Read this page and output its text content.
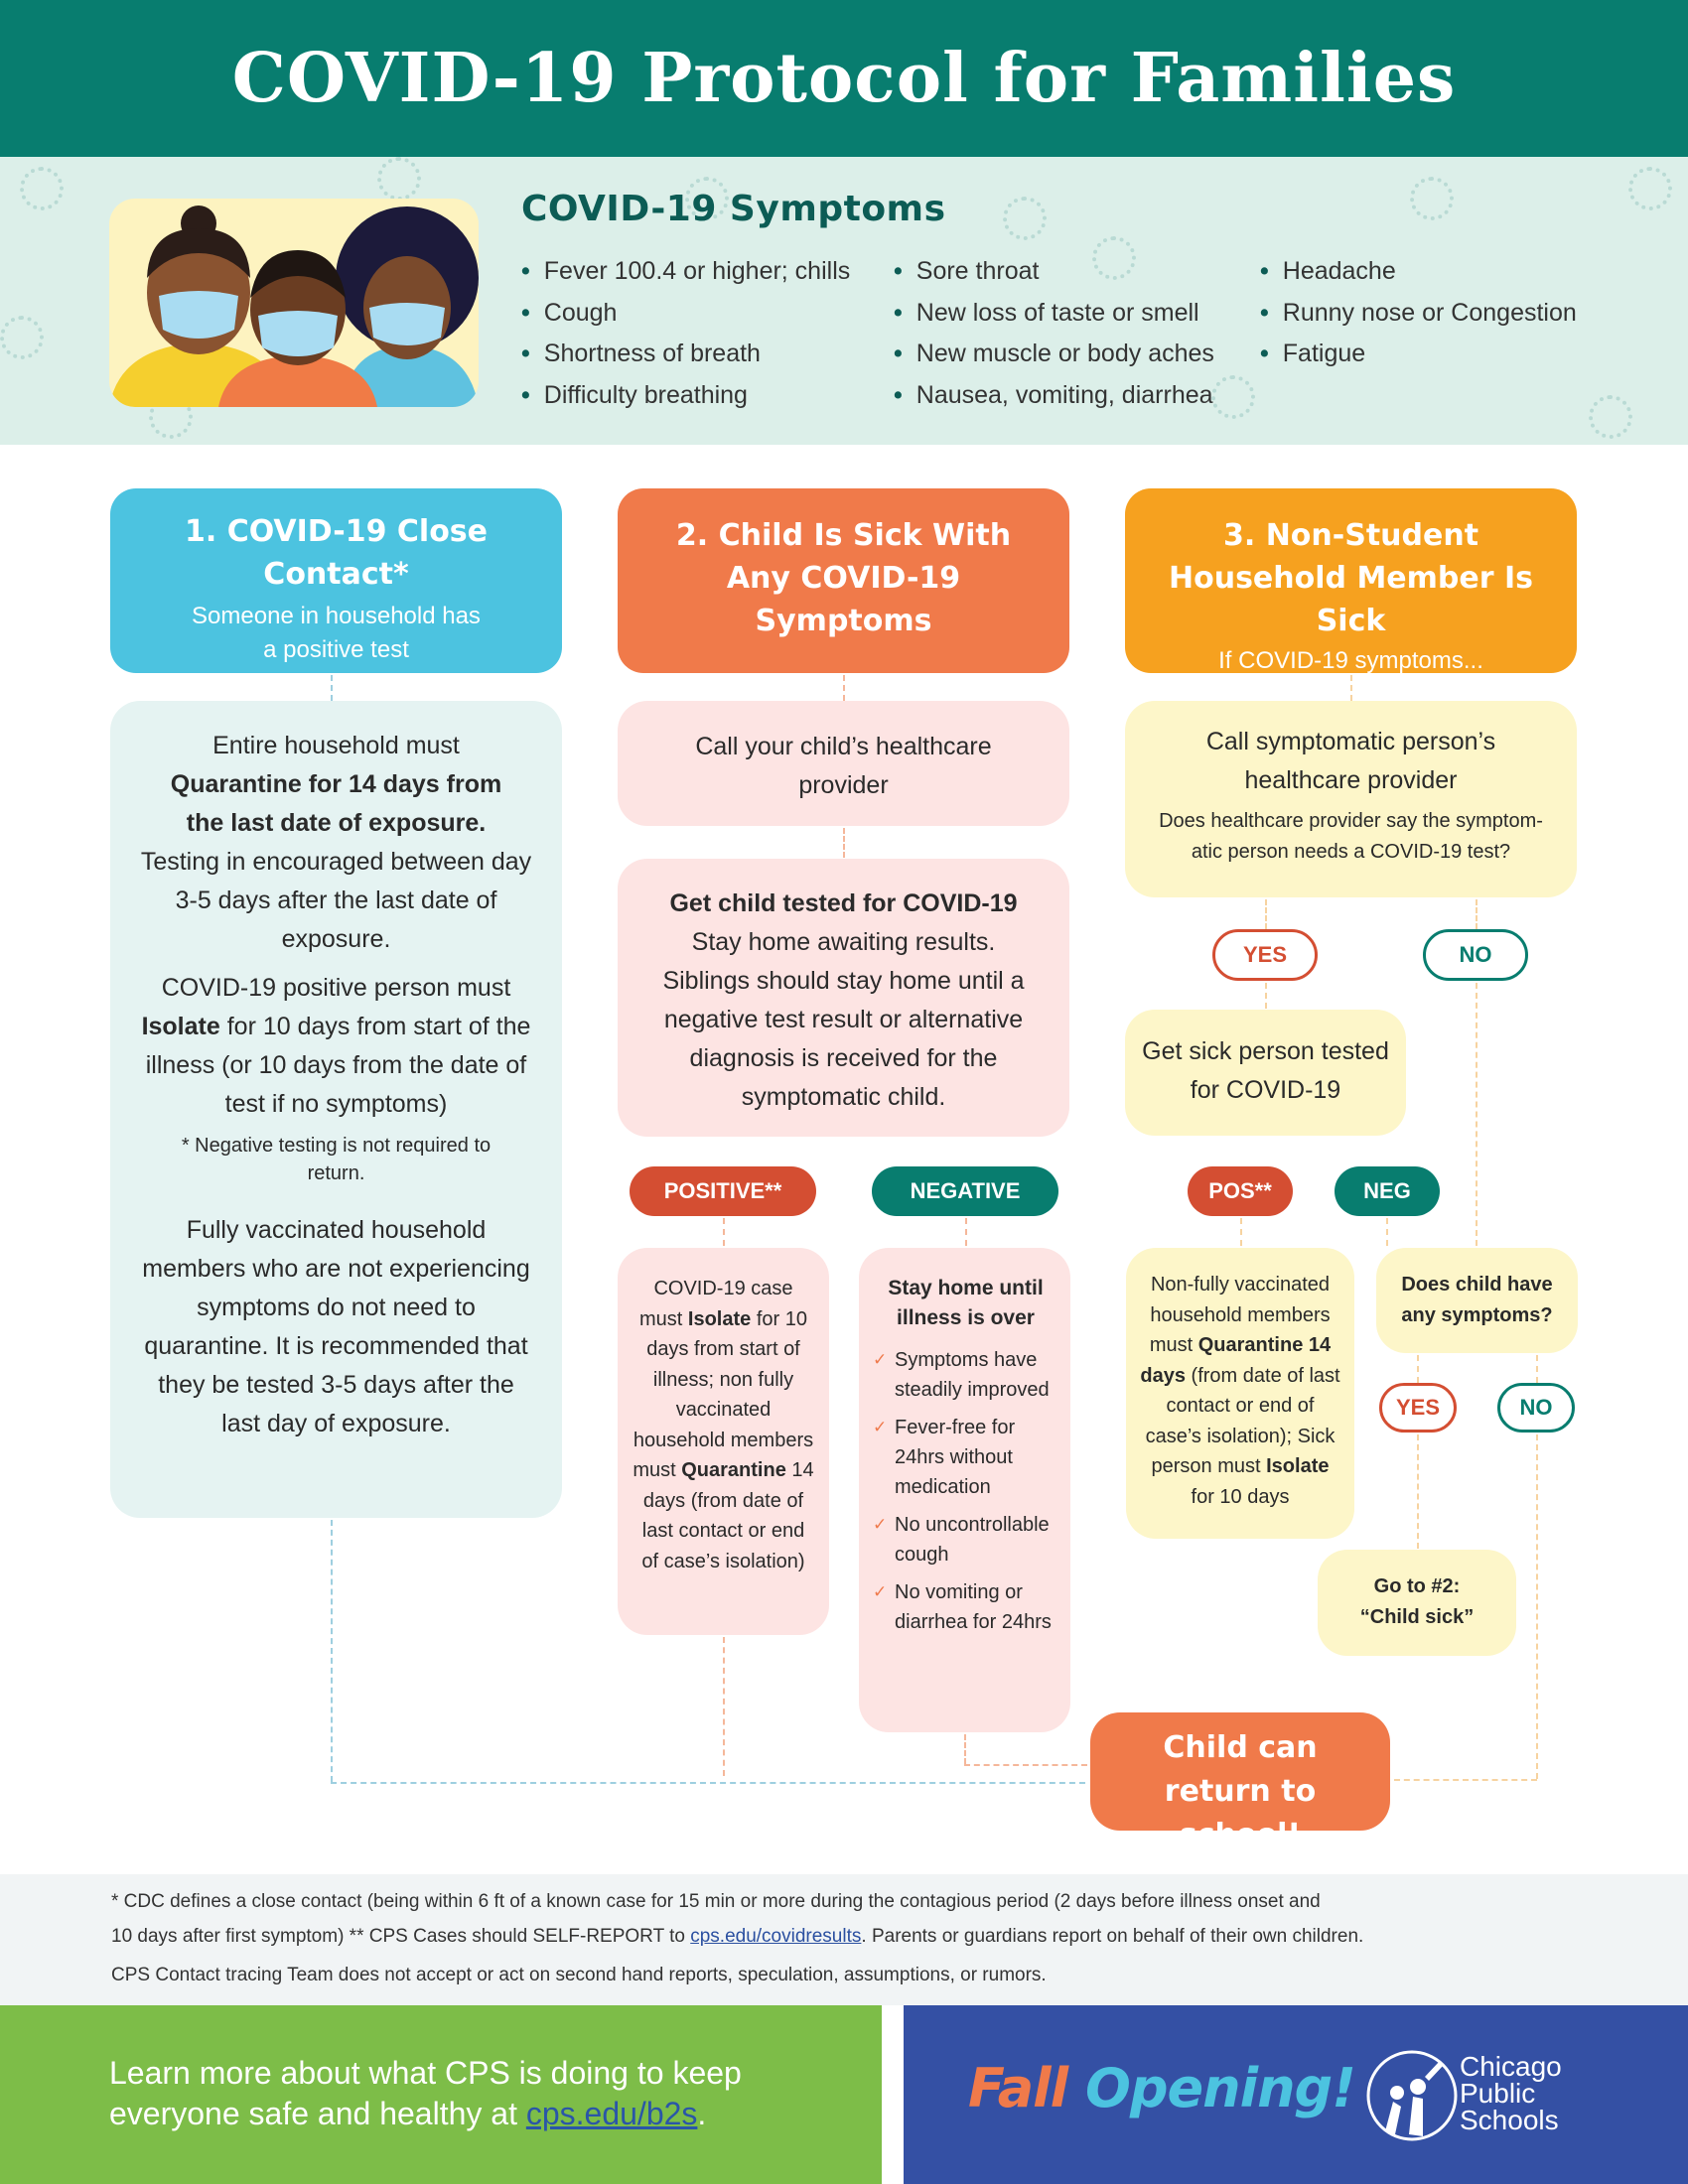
COVID-19 Protocol for Families
COVID-19 Symptoms
• Fever 100.4 or higher; chills
• Cough
• Shortness of breath
• Difficulty breathing
• Sore throat
• New loss of taste or smell
• New muscle or body aches
• Nausea, vomiting, diarrhea
• Headache
• Runny nose or Congestion
• Fatigue
1. COVID-19 Close Contact*
Someone in household has
a positive test
Entire household must
Quarantine for 14 days from
the last date of exposure.
Testing in encouraged between day 3-5 days after the last date of exposure.
COVID-19 positive person must Isolate for 10 days from start of the illness (or 10 days from the date of test if no symptoms)
* Negative testing is not required to return.
Fully vaccinated household members who are not experiencing symptoms do not need to quarantine. It is recommended that they be tested 3-5 days after the last day of exposure.
2. Child Is Sick With Any COVID-19 Symptoms
Call your child’s healthcare provider
Get child tested for COVID-19
Stay home awaiting results. Siblings should stay home until a negative test result or alternative diagnosis is received for the symptomatic child.
POSITIVE**	NEGATIVE
COVID-19 case must Isolate for 10 days from start of illness; non fully vaccinated household members must Quarantine 14 days (from date of last contact or end of case’s isolation)
Stay home until illness is over
✓ Symptoms have steadily improved
✓ Fever-free for 24hrs without medication
✓ No uncontrollable cough
✓ No vomiting or diarrhea for 24hrs
3. Non-Student Household Member Is Sick
If COVID-19 symptoms...
Call symptomatic person’s healthcare provider
Does healthcare provider say the symptom-atic person needs a COVID-19 test?
YES	NO
Get sick person tested for COVID-19
POS**	NEG
Non-fully vaccinated household members must Quarantine 14 days (from date of last contact or end of case’s isolation); Sick person must Isolate for 10 days
Does child have any symptoms?
YES	NO
Go to #2:
“Child sick”
Child can return to school!
* CDC defines a close contact (being within 6 ft of a known case for 15 min or more during the contagious period (2 days before illness onset and
10 days after first symptom) ** CPS Cases should SELF-REPORT to cps.edu/covidresults. Parents or guardians report on behalf of their own children.
CPS Contact tracing Team does not accept or act on second hand reports, speculation, assumptions, or rumors.
Learn more about what CPS is doing to keep
everyone safe and healthy at cps.edu/b2s.	Fall Opening!	Chicago
Public
Schools
